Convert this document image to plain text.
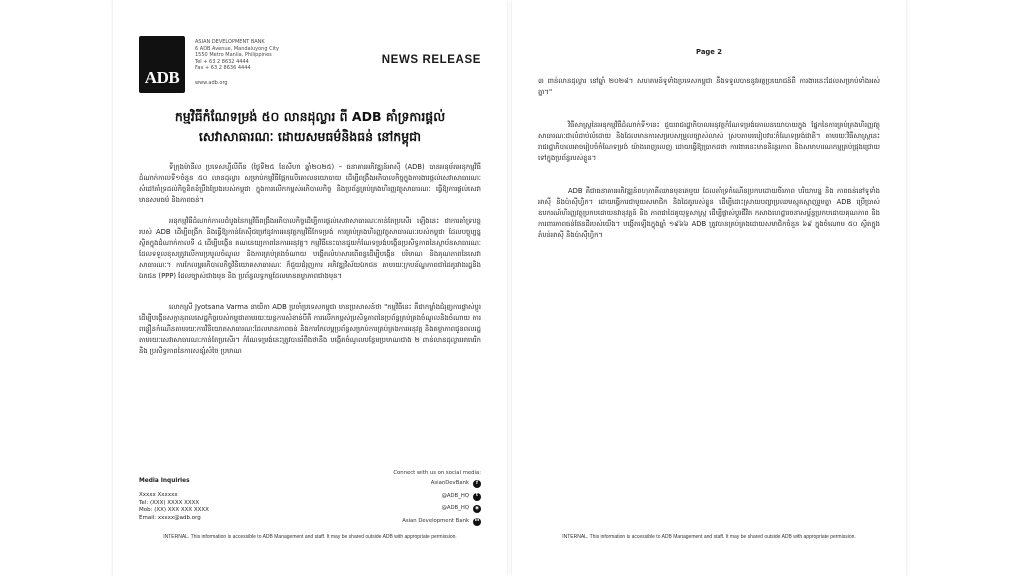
ADB
ASIAN DEVELOPMENT BANK
6 ADB Avenue, Mandaluyong City
1550 Metro Manila, Philippines
Tel + 63 2 8632 4444
Fax + 63 2 8636 4444
www.adb.org
NEWS RELEASE
កម្មវិធីកំណែទម្រង់ ៥០ លានដុល្លារ ពី ADB គាំទ្រការផ្តល់
សេវាសាធារណៈ ដោយសមធម៌និងធន់ នៅកម្ពុជា

ទីក្រុងម៉ានីល ប្រទេសហ្វីលីពីន (ថ្ងៃទី២៥ ខែសីហា ឆ្នាំ២០២៥) – ធនាគារអភិវឌ្ឍន៍អាស៊ី (ADB) បានអនុម័តអនុកម្មវិធីដំណាក់កាលទី១ចំនួន ៥០ លានដុល្លារ សម្រាប់កម្មវិធីផ្អែកលើគោលនយោបាយ ដើម្បីពង្រឹងអភិបាលកិច្ចក្នុងការងារផ្តល់សេវាសាធារណៈ សំដៅគាំទ្រដល់កិច្ចខិតខំប្រឹងប្រែងរបស់កម្ពុជា ក្នុងការលើកកម្ពស់អភិបាលកិច្ច និងប្រព័ន្ធគ្រប់គ្រងហិរញ្ញវត្ថុសាធារណៈ ធ្វើឱ្យការផ្តល់សេវាមានសមធម៌ និងភាពធន់។

អនុកម្មវិធីដំណាក់កាលដំបូងនៃកម្មវិធីពង្រឹងអភិបាលកិច្ចដើម្បីការផ្តល់សេវាសាធារណៈកាន់តែប្រសើរ ឡើងនេះ ជាការគាំទ្របន្តរបស់ ADB ដើម្បីពង្រីក និងធ្វើឱ្យកាន់តែស៊ីជម្រៅនូវការអនុវត្តកម្មវិធីកែទម្រង់ ការគ្រប់គ្រងហិរញ្ញវត្ថុសាធារណៈរបស់កម្ពុជា ដែលបច្ចុប្បន្នស្ថិតក្នុងដំណាក់កាលទី ៤ ដើម្បីបង្កើន គណនេយ្យភាពនៃការអនុវត្ត។ កម្មវិធីនេះបានជួយកំណែទម្រង់បង្កើនប្រសិទ្ធភាពនៃស្ថាប័នសាធារណៈ ដែលទទួលខុសត្រូវលើការប្រមូលចំណូល និងការគ្រប់គ្រងចំណាយ បង្កើតលំហសារពើពន្ធដើម្បីបង្កើន បរិមាណ និងគុណភាពនៃសេវាសាធារណៈ។ ការកែលម្អអភិបាលកិច្ចវិនិយោគសាធារណៈ ក៏ជួយជំរុញការ អភិវឌ្ឍវិស័យឯកជន តាមរយៈក្របខ័ណ្ឌភាពជាដៃគូរវាងរដ្ឋនិងឯកជន (PPP) ដែលច្បាស់ជាងមុន និង ប្រព័ន្ធលទ្ធកម្មដែលមានតម្លាភាពជាងមុន។

លោកស្រី Jyotsana Varma នាយិកា ADB ប្រចាំប្រទេសកម្ពុជា មានប្រសាសន៍ថា "កម្មវិធីនេះ គឺជាកម្លាំងជំរុញការផ្លាស់ប្តូរដើម្បីបង្កើនសក្ដានុពលសេដ្ឋកិច្ចរបស់កម្ពុជាតាមរយៈយន្តការសំខាន់បីគឺ ការលើកកម្ពស់ប្រសិទ្ធភាពនៃប្រព័ន្ធគ្រប់គ្រងចំណូលនិងចំណាយ ការពន្លឿនកំណើនតាមរយៈការវិនិយោគសាធារណៈដែលមានភាពធន់ និងការកែលម្អប្រព័ន្ធសម្រាប់ការគ្រប់គ្រងការអនុវត្ត និងតម្លាភាពជូនពលរដ្ឋ តាមរយៈសេវាសាធារណៈកាន់តែប្រសើរ។ កំណែទម្រង់នេះត្រូវបានរំពឹងថានឹង បង្កើតចំណូលបន្ថែមប្រមាណជាង ២ ពាន់លានដុល្លារអាមេរិក និង ប្រសិទ្ធភាពនៃការសន្សំសំចៃ ប្រមាណ

Media Inquiries
Xxxxx Xxxxxx
Tel: (XXX) XXXX XXXX
Mob: (XX) XXX XXX XXXX
Email: xxxxx@adb.org
Connect with us on social media:
AsianDevBank	f
@ADB_HQ	t
@ADB_HQ	◉
Asian Development Bank	in
INTERNAL. This information is accessible to ADB Management and staff. It may be shared outside ADB with appropriate permission.
Page 2

៣ ពាន់លានដុល្លារ នៅឆ្នាំ ២០២៨។ សហគមន៍ទូទាំងប្រទេសកម្ពុជា នឹងទទួលបាននូវអត្ថប្រយោជន៍ពី ការងារនេះដែលសម្រាប់ទាំងអស់គ្នា។"

វិធីសាស្ត្រនៃអនុកម្មវិធីដំណាក់ទី១នេះ ជួយរាជរដ្ឋាភិបាលអនុវត្តកំណែទម្រង់គោលនយោបាយក្នុង ផ្នែកនៃការគ្រប់គ្រងហិរញ្ញវត្ថុសាធារណៈជាលំដាប់លំដោយ និងដែលមានការសម្របសម្រួលច្បាស់លាស់ ស្របតាមរបៀបវារៈកំណែទម្រង់ជាតិ។ តាមរយៈវិធីសាស្ត្រនេះ រាជរដ្ឋាភិបាលអាចរៀបចំកំណែទម្រង់ យ៉ាងពេញលេញ ដោយធ្វើឱ្យប្រាកដថា ការងារនេះមាននិរន្តរភាព និងសមាហរណកម្មគ្រប់ជ្រុងជ្រោយ ទៅក្នុងប្រព័ន្ធរបស់ខ្លួន។

ADB គឺជាធនាគារអភិវឌ្ឍន៍ពហុភាគីឈានមុខគេមួយ ដែលគាំទ្រកំណើនប្រកបដោយចីរភាព បរិយាបន្ន និង ភាពធន់នៅទូទាំងអាស៊ី និងប៉ាស៊ីហ្វិក។ ដោយធ្វើការជាមួយសមាជិក និងដៃគូរបស់ខ្លួន ដើម្បីដោះស្រាយបញ្ហាប្រឈមស្មុគស្មាញរួមគ្នា ADB ប្រើប្រាស់ឧបករណ៍ហិរញ្ញវត្ថុប្រកបដោយនវានុវត្តន៍ និង ភាពជាដៃគូយុទ្ធសាស្ត្រ ដើម្បីផ្លាស់ប្តូរជីវិត កសាងហេដ្ឋារចនាសម្ព័ន្ធប្រកបដោយគុណភាព និង ការពារភាពធន់ផែនដីរបស់យើង។ បង្កើតឡើងក្នុងឆ្នាំ ១៩៦៦ ADB ត្រូវបានគ្រប់គ្រងដោយសមាជិកចំនួន ៦៩ ក្នុងចំណោម ៥០ ស្ថិតក្នុងតំបន់អាស៊ី និងប៉ាស៊ីហ្វិក។

INTERNAL. This information is accessible to ADB Management and staff. It may be shared outside ADB with appropriate permission.
